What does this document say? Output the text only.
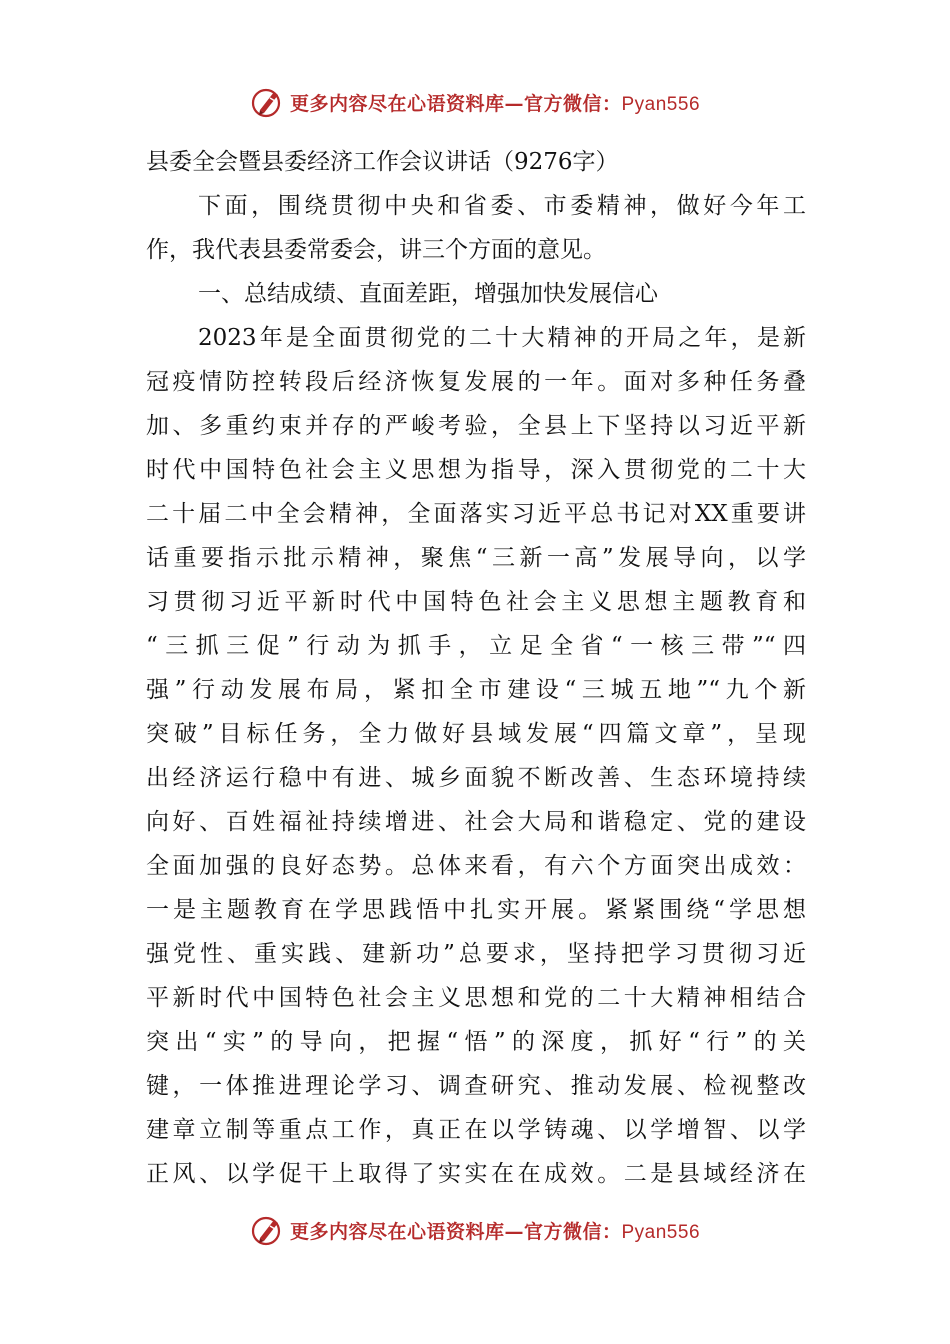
更多内容尽在心语资料库—官方微信：Pyan556
县委全会暨县委经济工作会议讲话（9276字）
下面，围绕贯彻中央和省委、市委精神，做好今年工
作，我代表县委常委会，讲三个方面的意见。
一、总结成绩、直面差距，增强加快发展信心
2023年是全面贯彻党的二十大精神的开局之年，是新
冠疫情防控转段后经济恢复发展的一年。面对多种任务叠
加、多重约束并存的严峻考验，全县上下坚持以习近平新
时代中国特色社会主义思想为指导，深入贯彻党的二十大
二十届二中全会精神，全面落实习近平总书记对XX重要讲
话重要指示批示精神，聚焦“三新一高”发展导向，以学
习贯彻习近平新时代中国特色社会主义思想主题教育和
“三抓三促”行动为抓手，立足全省“一核三带”“四
强”行动发展布局，紧扣全市建设“三城五地”“九个新
突破”目标任务，全力做好县域发展“四篇文章”，呈现
出经济运行稳中有进、城乡面貌不断改善、生态环境持续
向好、百姓福祉持续增进、社会大局和谐稳定、党的建设
全面加强的良好态势。总体来看，有六个方面突出成效：
一是主题教育在学思践悟中扎实开展。紧紧围绕“学思想
强党性、重实践、建新功”总要求，坚持把学习贯彻习近
平新时代中国特色社会主义思想和党的二十大精神相结合
突出“实”的导向，把握“悟”的深度，抓好“行”的关
键，一体推进理论学习、调查研究、推动发展、检视整改
建章立制等重点工作，真正在以学铸魂、以学增智、以学
正风、以学促干上取得了实实在在成效。二是县域经济在
更多内容尽在心语资料库—官方微信：Pyan556
